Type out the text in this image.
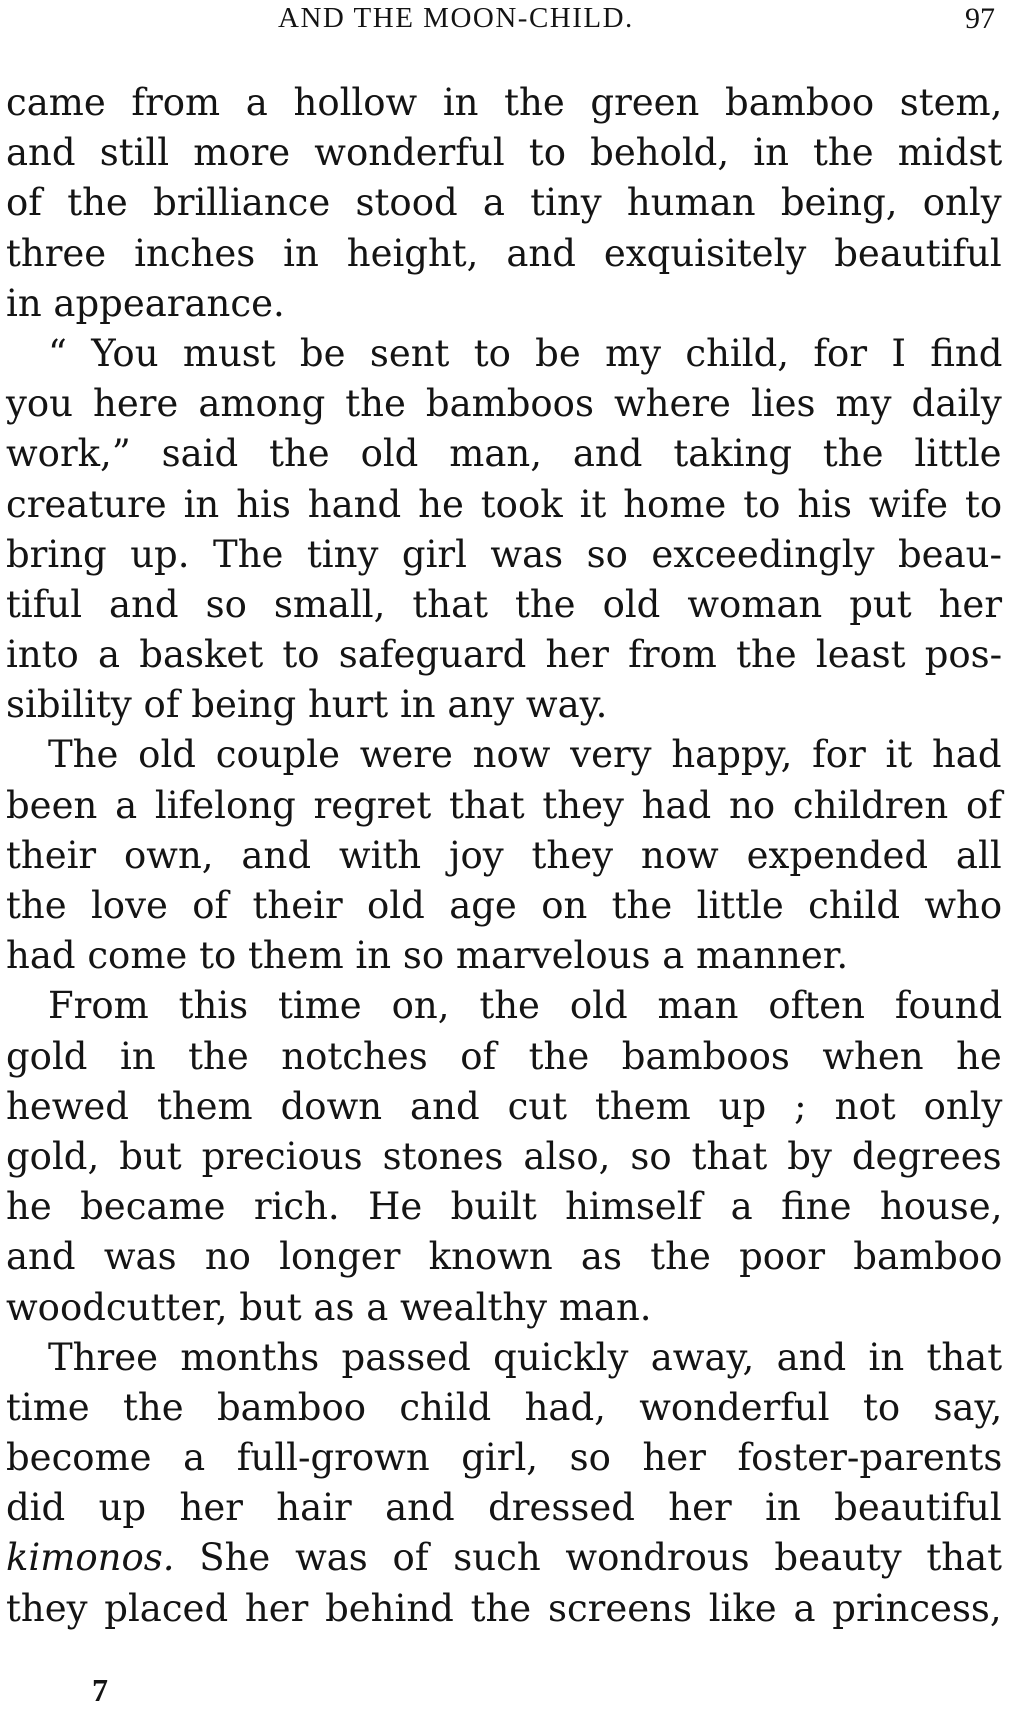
AND THE MOON-CHILD.	97
came from a hollow in the green bamboo stem,
and still more wonderful to behold, in the midst
of the brilliance stood a tiny human being, only
three inches in height, and exquisitely beautiful
in appearance.
“ You must be sent to be my child, for I find
you here among the bamboos where lies my daily
work,” said the old man, and taking the little
creature in his hand he took it home to his wife to
bring up. The tiny girl was so exceedingly beau-
tiful and so small, that the old woman put her
into a basket to safeguard her from the least pos-
sibility of being hurt in any way.
The old couple were now very happy, for it had
been a lifelong regret that they had no children of
their own, and with joy they now expended all
the love of their old age on the little child who
had come to them in so marvelous a manner.
From this time on, the old man often found
gold in the notches of the bamboos when he
hewed them down and cut them up ; not only
gold, but precious stones also, so that by degrees
he became rich. He built himself a fine house,
and was no longer known as the poor bamboo
woodcutter, but as a wealthy man.
Three months passed quickly away, and in that
time the bamboo child had, wonderful to say,
become a full-grown girl, so her foster-parents
did up her hair and dressed her in beautiful
kimonos. She was of such wondrous beauty that
they placed her behind the screens like a princess,
7
